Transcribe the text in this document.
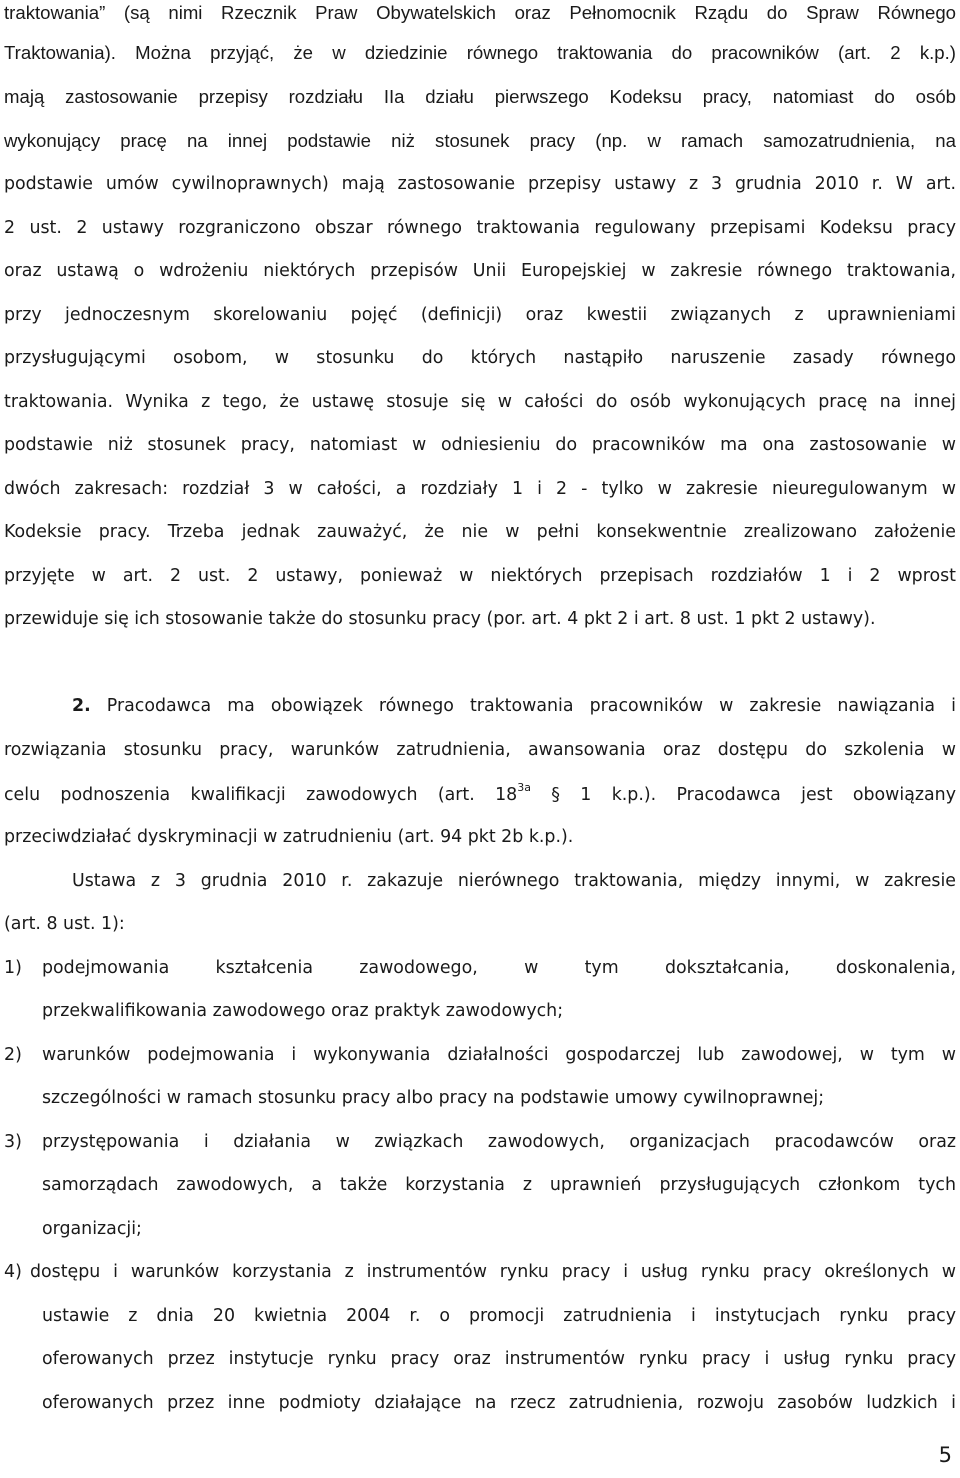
traktowania” (są nimi Rzecznik Praw Obywatelskich oraz Pełnomocnik Rządu do Spraw Równego
Traktowania). Można przyjąć, że w dziedzinie równego traktowania do pracowników (art. 2 k.p.)
mają zastosowanie przepisy rozdziału IIa działu pierwszego Kodeksu pracy, natomiast do osób
wykonujący pracę na innej podstawie niż stosunek pracy (np. w ramach samozatrudnienia, na
podstawie umów cywilnoprawnych) mają zastosowanie przepisy ustawy z 3 grudnia 2010 r. W art.
2 ust. 2 ustawy rozgraniczono obszar równego traktowania regulowany przepisami Kodeksu pracy
oraz ustawą o wdrożeniu niektórych przepisów Unii Europejskiej w zakresie równego traktowania,
przy jednoczesnym skorelowaniu pojęć (definicji) oraz kwestii związanych z uprawnieniami
przysługującymi osobom, w stosunku do których nastąpiło naruszenie zasady równego
traktowania. Wynika z tego, że ustawę stosuje się w całości do osób wykonujących pracę na innej
podstawie niż stosunek pracy, natomiast w odniesieniu do pracowników ma ona zastosowanie w
dwóch zakresach: rozdział 3 w całości, a rozdziały 1 i 2 - tylko w zakresie nieuregulowanym w
Kodeksie pracy. Trzeba jednak zauważyć, że nie w pełni konsekwentnie zrealizowano założenie
przyjęte w art. 2 ust. 2 ustawy, ponieważ w niektórych przepisach rozdziałów 1 i 2 wprost
przewiduje się ich stosowanie także do stosunku pracy (por. art. 4 pkt 2 i art. 8 ust. 1 pkt 2 ustawy).
2. Pracodawca ma obowiązek równego traktowania pracowników w zakresie nawiązania i
rozwiązania stosunku pracy, warunków zatrudnienia, awansowania oraz dostępu do szkolenia w
celu podnoszenia kwalifikacji zawodowych (art. $18^{3a}$ § 1 k.p.). Pracodawca jest obowiązany
przeciwdziałać dyskryminacji w zatrudnieniu (art. 94 pkt 2b k.p.).
Ustawa z 3 grudnia 2010 r. zakazuje nierównego traktowania, między innymi, w zakresie
(art. 8 ust. 1):
1)	podejmowania kształcenia zawodowego, w tym dokształcania, doskonalenia,
przekwalifikowania zawodowego oraz praktyk zawodowych;
2)	warunków podejmowania i wykonywania działalności gospodarczej lub zawodowej, w tym w
szczególności w ramach stosunku pracy albo pracy na podstawie umowy cywilnoprawnej;
3)	przystępowania i działania w związkach zawodowych, organizacjach pracodawców oraz
samorządach zawodowych, a także korzystania z uprawnień przysługujących członkom tych
organizacji;
4) dostępu i warunków korzystania z instrumentów rynku pracy i usług rynku pracy określonych w
ustawie z dnia 20 kwietnia 2004 r. o promocji zatrudnienia i instytucjach rynku pracy
oferowanych przez instytucje rynku pracy oraz instrumentów rynku pracy i usług rynku pracy
oferowanych przez inne podmioty działające na rzecz zatrudnienia, rozwoju zasobów ludzkich i
5
